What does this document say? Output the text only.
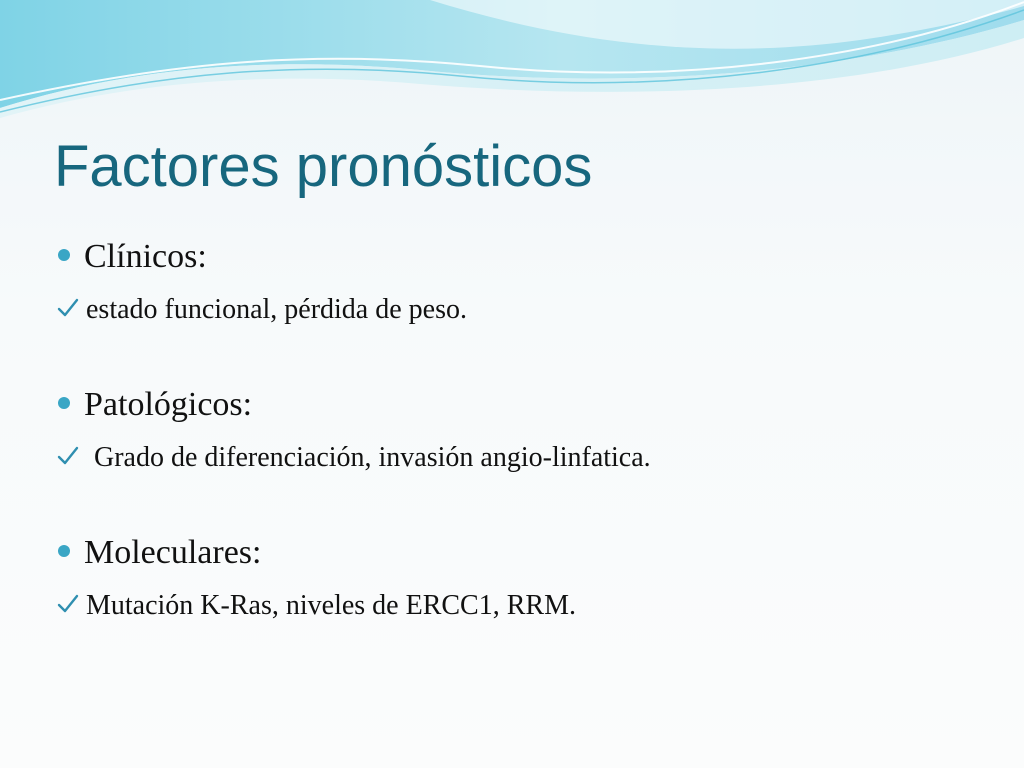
Factores pronósticos
Clínicos:
estado funcional, pérdida de peso.
Patológicos:
Grado de diferenciación, invasión angio-linfatica.
Moleculares:
Mutación K-Ras, niveles de ERCC1, RRM.
